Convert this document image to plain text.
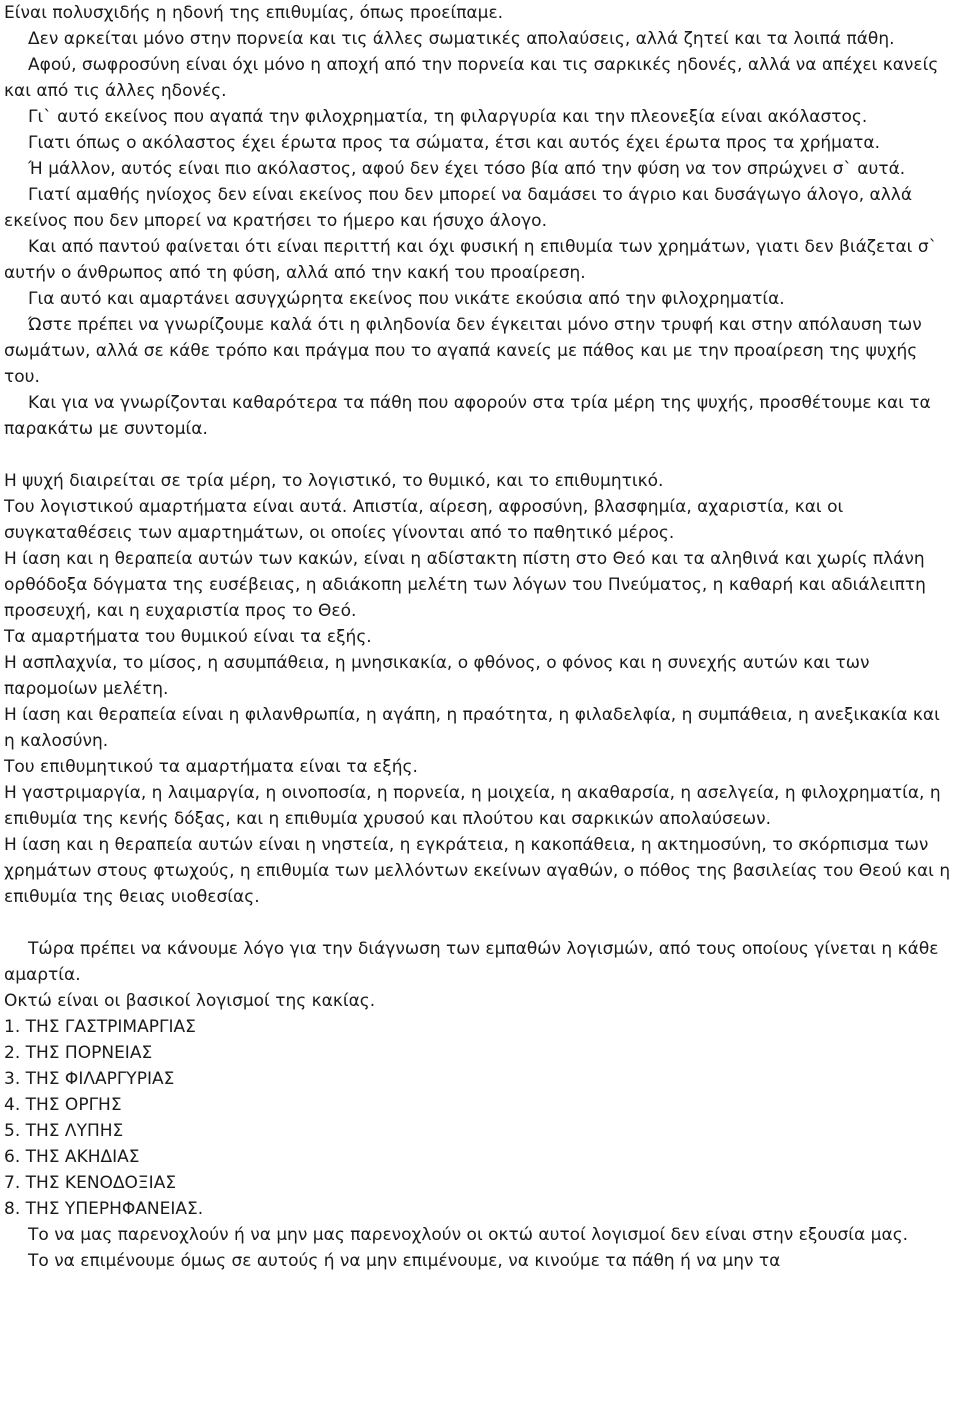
Είναι πολυσχιδής η ηδονή της επιθυμίας, όπως προείπαμε.

Δεν αρκείται μόνο στην πορνεία και τις άλλες σωματικές απολαύσεις, αλλά ζητεί και τα λοιπά πάθη.

Αφού, σωφροσύνη είναι όχι μόνο η αποχή από την πορνεία και τις σαρκικές ηδονές, αλλά να απέχει κανείς και από τις άλλες ηδονές.

Γι` αυτό εκείνος που αγαπά την φιλοχρηματία, τη φιλαργυρία και την πλεονεξία είναι ακόλαστος.

Γιατι όπως ο ακόλαστος έχει έρωτα προς τα σώματα, έτσι και αυτός έχει έρωτα προς τα χρήματα.

Ή μάλλον, αυτός είναι πιο ακόλαστος, αφού δεν έχει τόσο βία από την φύση να τον σπρώχνει σ` αυτά.

Γιατί αμαθής ηνίοχος δεν είναι εκείνος που δεν μπορεί να δαμάσει το άγριο και δυσάγωγο άλογο, αλλά εκείνος που δεν μπορεί να κρατήσει το ήμερο και ήσυχο άλογο.

Και από παντού φαίνεται ότι είναι περιττή και όχι φυσική η επιθυμία των χρημάτων, γιατι δεν βιάζεται σ` αυτήν ο άνθρωπος από τη φύση, αλλά από την κακή του προαίρεση.

Για αυτό και αμαρτάνει ασυγχώρητα εκείνος που νικάτε εκούσια από την φιλοχρηματία.

Ώστε πρέπει να γνωρίζουμε καλά ότι η φιληδονία δεν έγκειται μόνο στην τρυφή και στην απόλαυση των σωμάτων, αλλά σε κάθε τρόπο και πράγμα που το αγαπά κανείς με πάθος και με την προαίρεση της ψυχής του.

Και για να γνωρίζονται καθαρότερα τα πάθη που αφορούν στα τρία μέρη της ψυχής, προσθέτουμε και τα παρακάτω με συντομία.

Η ψυχή διαιρείται σε τρία μέρη, το λογιστικό, το θυμικό, και το επιθυμητικό.

Του λογιστικού αμαρτήματα είναι αυτά. Απιστία, αίρεση, αφροσύνη, βλασφημία, αχαριστία, και οι συγκαταθέσεις των αμαρτημάτων, οι οποίες γίνονται από το παθητικό μέρος.

Η ίαση και η θεραπεία αυτών των κακών, είναι η αδίστακτη πίστη στο Θεό και τα αληθινά και χωρίς πλάνη ορθόδοξα δόγματα της ευσέβειας, η αδιάκοπη μελέτη των λόγων του Πνεύματος, η καθαρή και αδιάλειπτη προσευχή, και η ευχαριστία προς το Θεό.

Τα αμαρτήματα του θυμικού είναι τα εξής.

Η ασπλαχνία, το μίσος, η ασυμπάθεια, η μνησικακία, ο φθόνος, ο φόνος και η συνεχής αυτών και των παρομοίων μελέτη.

Η ίαση και θεραπεία είναι η φιλανθρωπία, η αγάπη, η πραότητα, η φιλαδελφία, η συμπάθεια, η ανεξικακία και η καλοσύνη.

Του επιθυμητικού τα αμαρτήματα είναι τα εξής.

Η γαστριμαργία, η λαιμαργία, η οινοποσία, η πορνεία, η μοιχεία, η ακαθαρσία, η ασελγεία, η φιλοχρηματία, η επιθυμία της κενής δόξας, και η επιθυμία χρυσού και πλούτου και σαρκικών απολαύσεων.

Η ίαση και η θεραπεία αυτών είναι η νηστεία, η εγκράτεια, η κακοπάθεια, η ακτημοσύνη, το σκόρπισμα των χρημάτων στους φτωχούς, η επιθυμία των μελλόντων εκείνων αγαθών, ο πόθος της βασιλείας του Θεού και η επιθυμία της θειας υιοθεσίας.

Τώρα πρέπει να κάνουμε λόγο για την διάγνωση των εμπαθών λογισμών, από τους οποίους γίνεται η κάθε αμαρτία.

Οκτώ είναι οι βασικοί λογισμοί της κακίας.

1. ΤΗΣ ΓΑΣΤΡΙΜΑΡΓΙΑΣ

2. ΤΗΣ ΠΟΡΝΕΙΑΣ

3. ΤΗΣ ΦΙΛΑΡΓΥΡΙΑΣ

4. ΤΗΣ ΟΡΓΗΣ

5. ΤΗΣ ΛΥΠΗΣ

6. ΤΗΣ ΑΚΗΔΙΑΣ

7. ΤΗΣ ΚΕΝΟΔΟΞΙΑΣ

8. ΤΗΣ ΥΠΕΡΗΦΑΝΕΙΑΣ.

Το να μας παρενοχλούν ή να μην μας παρενοχλούν οι οκτώ αυτοί λογισμοί δεν είναι στην εξουσία μας.

Το να επιμένουμε όμως σε αυτούς ή να μην επιμένουμε, να κινούμε τα πάθη ή να μην τα
